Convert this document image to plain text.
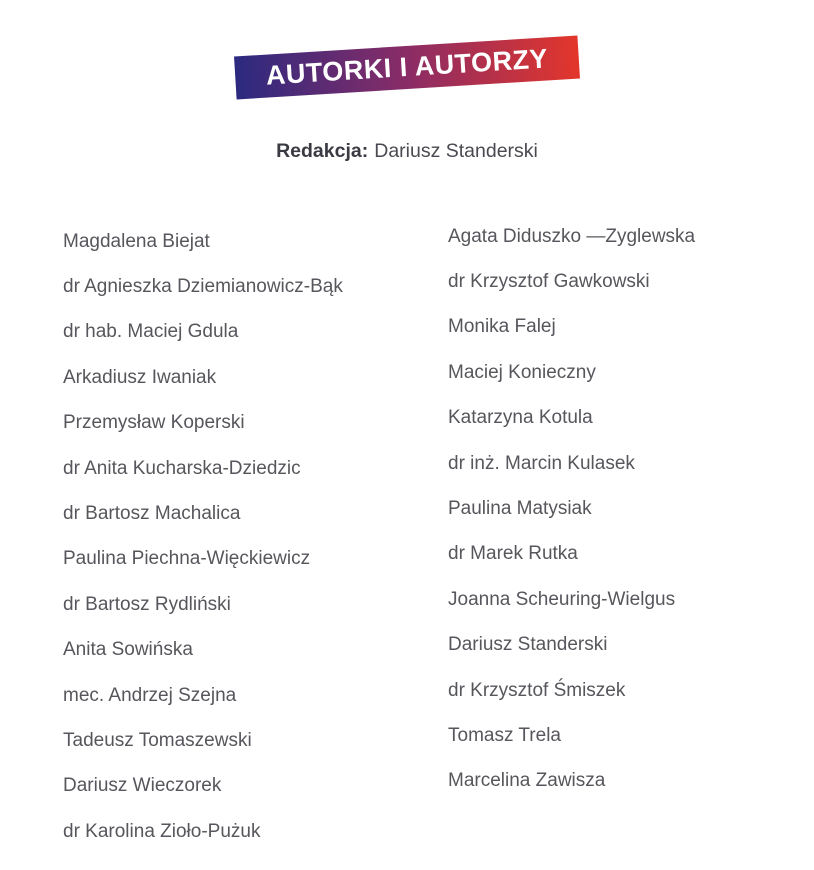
AUTORKI I AUTORZY
Redakcja: Dariusz Standerski
Magdalena Biejat
dr Agnieszka Dziemianowicz-Bąk
dr hab. Maciej Gdula
Arkadiusz Iwaniak
Przemysław Koperski
dr Anita Kucharska-Dziedzic
dr Bartosz Machalica
Paulina Piechna-Więckiewicz
dr Bartosz Rydliński
Anita Sowińska
mec. Andrzej Szejna
Tadeusz Tomaszewski
Dariusz Wieczorek
dr Karolina Zioło-Pużuk
Agata Diduszko —Zyglewska
dr Krzysztof Gawkowski
Monika Falej
Maciej Konieczny
Katarzyna Kotula
dr inż. Marcin Kulasek
Paulina Matysiak
dr Marek Rutka
Joanna Scheuring-Wielgus
Dariusz Standerski
dr Krzysztof Śmiszek
Tomasz Trela
Marcelina Zawisza
